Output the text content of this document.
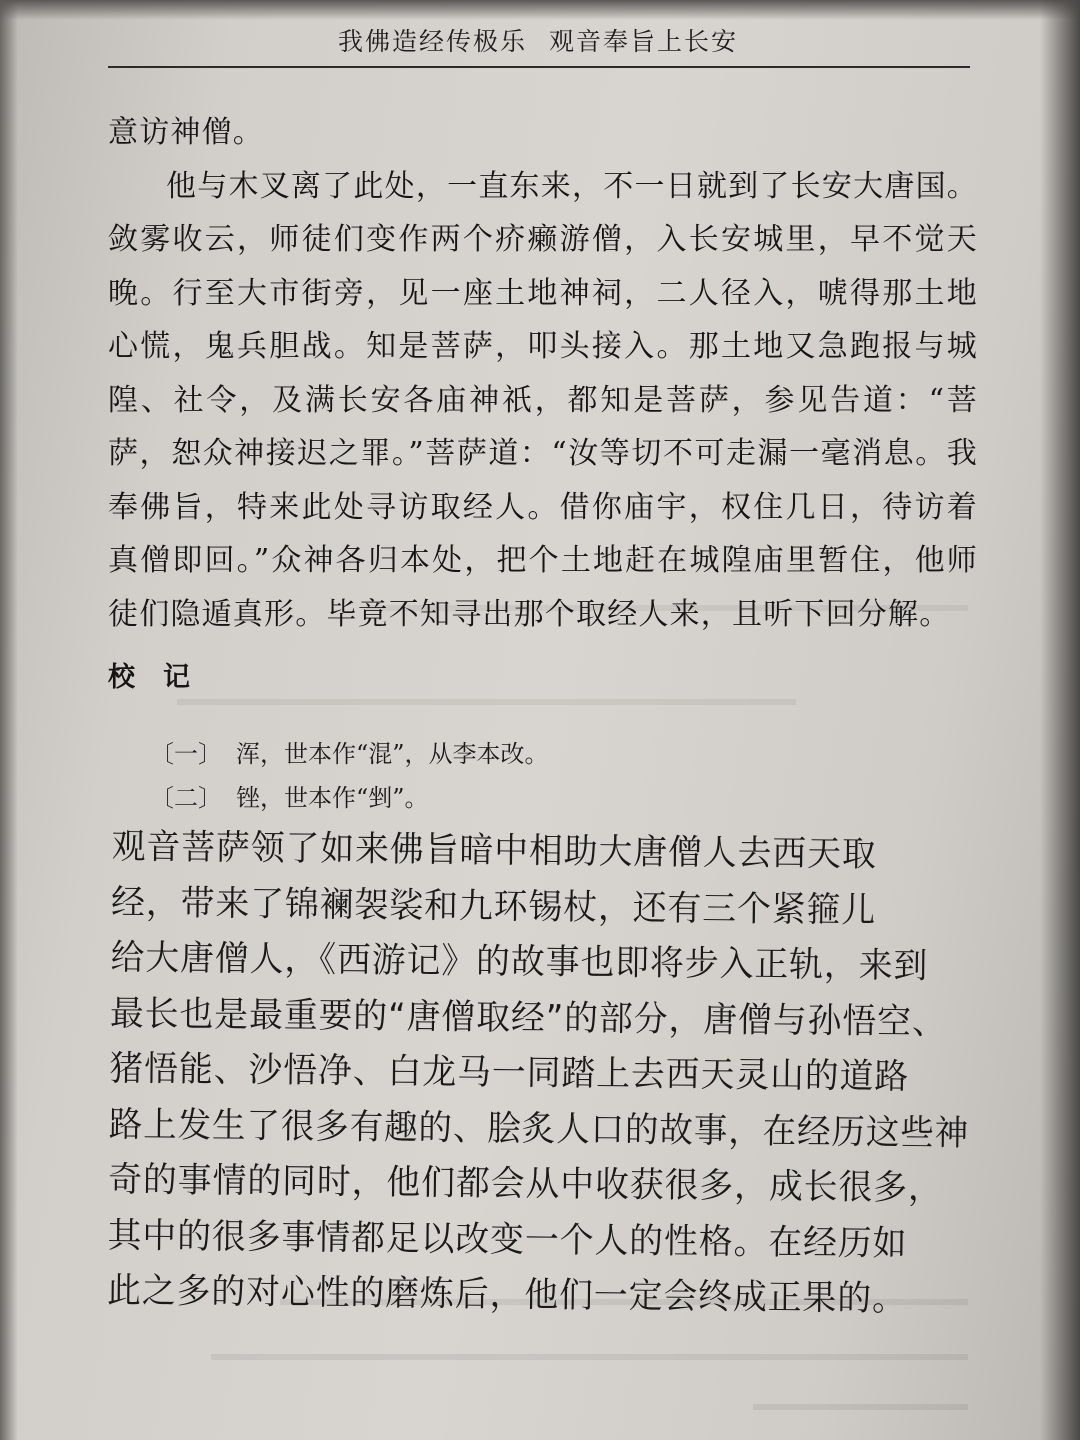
我佛造经传极乐 观音奉旨上长安

意访神僧。

他与木叉离了此处，一直东来，不一日就到了长安大唐国。敛雾收云，师徒们变作两个疥癞游僧，入长安城里，早不觉天晚。行至大市街旁，见一座土地神祠，二人径入，唬得那土地心慌，鬼兵胆战。知是菩萨，叩头接入。那土地又急跑报与城隍、社令，及满长安各庙神祇，都知是菩萨，参见告道：“菩萨，恕众神接迟之罪。”菩萨道：“汝等切不可走漏一毫消息。我奉佛旨，特来此处寻访取经人。借你庙宇，权住几日，待访着真僧即回。”众神各归本处，把个土地赶在城隍庙里暂住，他师徒们隐遁真形。毕竟不知寻出那个取经人来，且听下回分解。

校记
〔一〕 浑，世本作“混”，从李本改。
〔二〕 锉，世本作“剉”。
观音菩萨领了如来佛旨暗中相助大唐僧人去西天取
经，带来了锦襕袈裟和九环锡杖，还有三个紧箍儿
给大唐僧人，《西游记》的故事也即将步入正轨，来到
最长也是最重要的“唐僧取经”的部分，唐僧与孙悟空、
猪悟能、沙悟净、白龙马一同踏上去西天灵山的道路
路上发生了很多有趣的、脍炙人口的故事，在经历这些神
奇的事情的同时，他们都会从中收获很多，成长很多，
其中的很多事情都足以改变一个人的性格。在经历如
此之多的对心性的磨炼后，他们一定会终成正果的。
